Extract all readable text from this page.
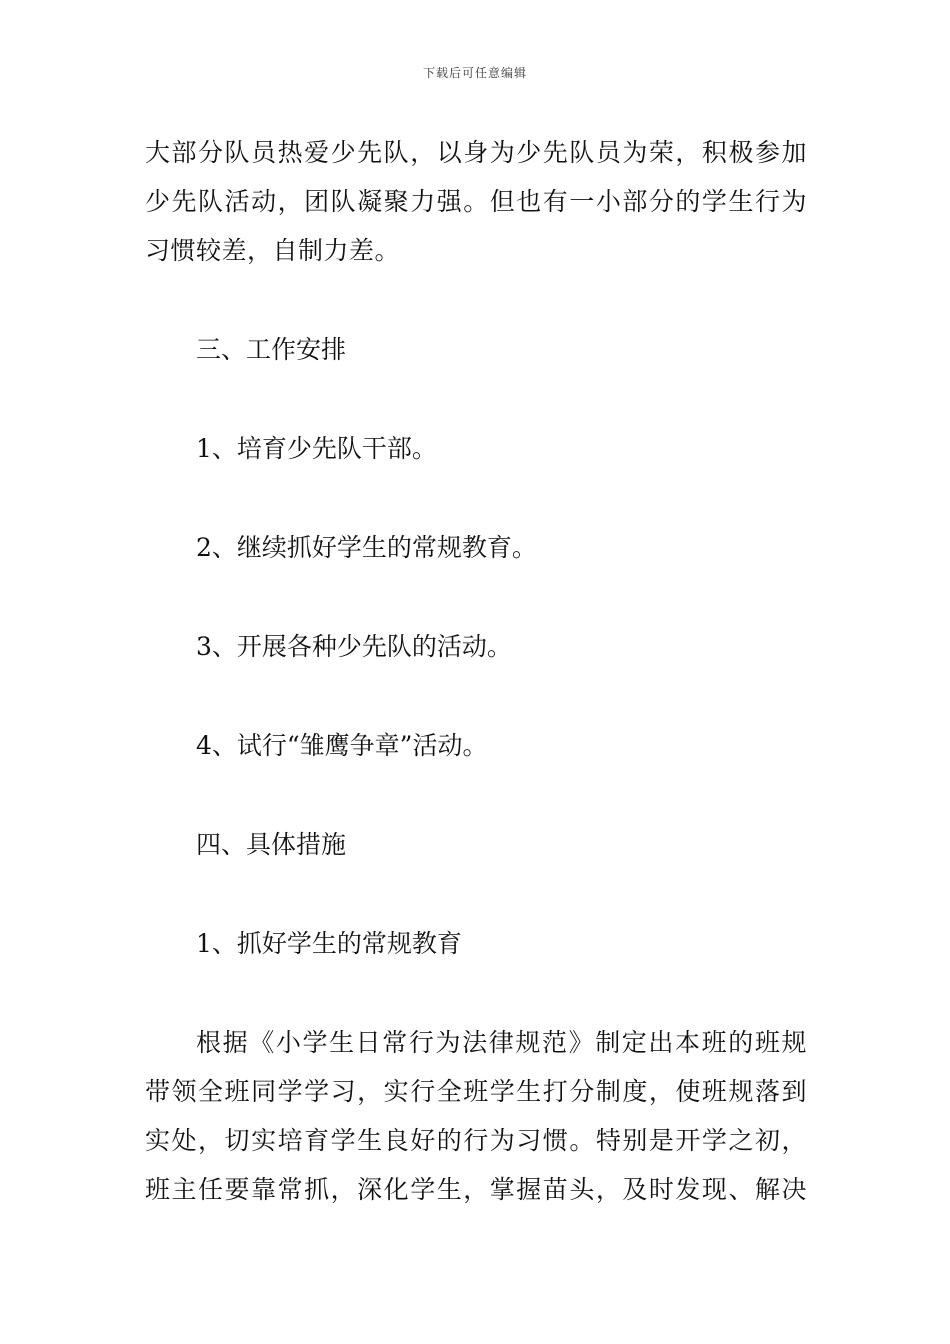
下载后可任意编辑

大部分队员热爱少先队，以身为少先队员为荣，积极参加

少先队活动，团队凝聚力强。但也有一小部分的学生行为

习惯较差，自制力差。

三、工作安排

1、培育少先队干部。

2、继续抓好学生的常规教育。

3、开展各种少先队的活动。

4、试行“雏鹰争章”活动。

四、具体措施

1、抓好学生的常规教育

根据《小学生日常行为法律规范》制定出本班的班规

带领全班同学学习，实行全班学生打分制度，使班规落到

实处，切实培育学生良好的行为习惯。特别是开学之初，

班主任要靠常抓，深化学生，掌握苗头，及时发现、解决
